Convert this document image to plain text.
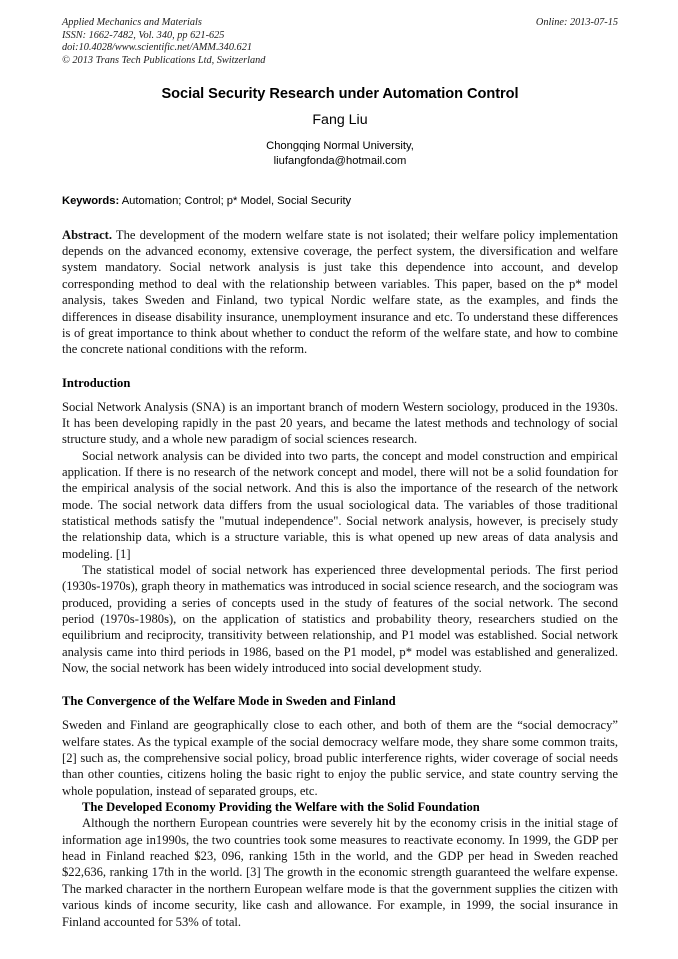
Applied Mechanics and Materials
ISSN: 1662-7482, Vol. 340, pp 621-625
doi:10.4028/www.scientific.net/AMM.340.621
© 2013 Trans Tech Publications Ltd, Switzerland
Online: 2013-07-15
Social Security Research under Automation Control
Fang Liu
Chongqing Normal University,
liufangfonda@hotmail.com
Keywords: Automation; Control; p* Model, Social Security
Abstract. The development of the modern welfare state is not isolated; their welfare policy implementation depends on the advanced economy, extensive coverage, the perfect system, the diversification and welfare system mandatory. Social network analysis is just take this dependence into account, and develop corresponding method to deal with the relationship between variables. This paper, based on the p* model analysis, takes Sweden and Finland, two typical Nordic welfare state, as the examples, and finds the differences in disease disability insurance, unemployment insurance and etc. To understand these differences is of great importance to think about whether to conduct the reform of the welfare state, and how to combine the concrete national conditions with the reform.
Introduction

Social Network Analysis (SNA) is an important branch of modern Western sociology, produced in the 1930s. It has been developing rapidly in the past 20 years, and became the latest methods and technology of social structure study, and a whole new paradigm of social sciences research.

Social network analysis can be divided into two parts, the concept and model construction and empirical application. If there is no research of the network concept and model, there will not be a solid foundation for the empirical analysis of the social network. And this is also the importance of the research of the network mode. The social network data differs from the usual sociological data. The variables of those traditional statistical methods satisfy the "mutual independence". Social network analysis, however, is precisely study the relationship data, which is a structure variable, this is what opened up new areas of data analysis and modeling. [1]

The statistical model of social network has experienced three developmental periods. The first period (1930s-1970s), graph theory in mathematics was introduced in social science research, and the sociogram was produced, providing a series of concepts used in the study of features of the social network. The second period (1970s-1980s), on the application of statistics and probability theory, researchers studied on the equilibrium and reciprocity, transitivity between relationship, and P1 model was established. Social network analysis came into third periods in 1986, based on the P1 model, p* model was established and generalized. Now, the social network has been widely introduced into social development study.

The Convergence of the Welfare Mode in Sweden and Finland

Sweden and Finland are geographically close to each other, and both of them are the “social democracy” welfare states. As the typical example of the social democracy welfare mode, they share some common traits, [2] such as, the comprehensive social policy, broad public interference rights, wider coverage of social needs than other counties, citizens holing the basic right to enjoy the public service, and state country serving the whole population, instead of separated groups, etc.

The Developed Economy Providing the Welfare with the Solid Foundation

Although the northern European countries were severely hit by the economy crisis in the initial stage of information age in1990s, the two countries took some measures to reactivate economy. In 1999, the GDP per head in Finland reached $23, 096, ranking 15th in the world, and the GDP per head in Sweden reached $22,636, ranking 17th in the world. [3] The growth in the economic strength guaranteed the welfare expense. The marked character in the northern European welfare mode is that the government supplies the citizen with various kinds of income security, like cash and allowance. For example, in 1999, the social insurance in Finland accounted for 53% of total.
